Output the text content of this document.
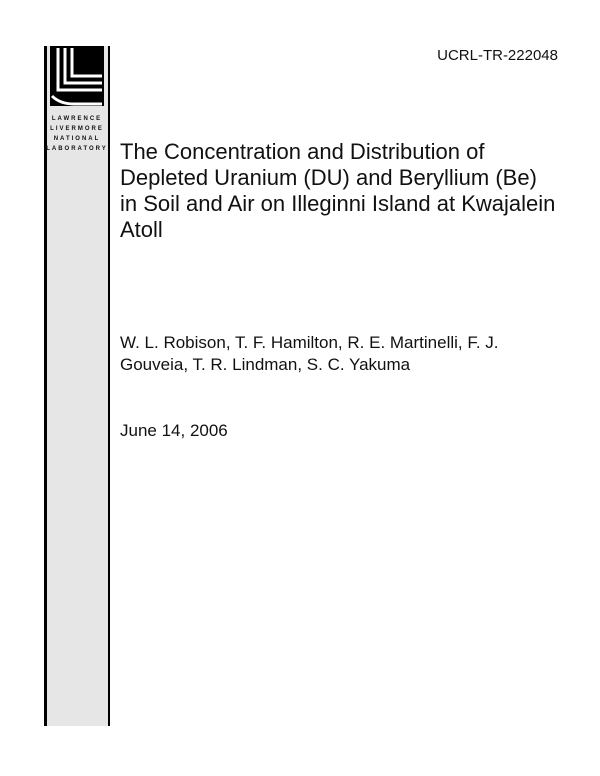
LAWRENCE
LIVERMORE
NATIONAL
LABORATORY
UCRL-TR-222048
The Concentration and Distribution of Depleted Uranium (DU) and Beryllium (Be) in Soil and Air on Illeginni Island at Kwajalein Atoll
W. L. Robison, T. F. Hamilton, R. E. Martinelli, F. J. Gouveia, T. R. Lindman, S. C. Yakuma
June 14, 2006
